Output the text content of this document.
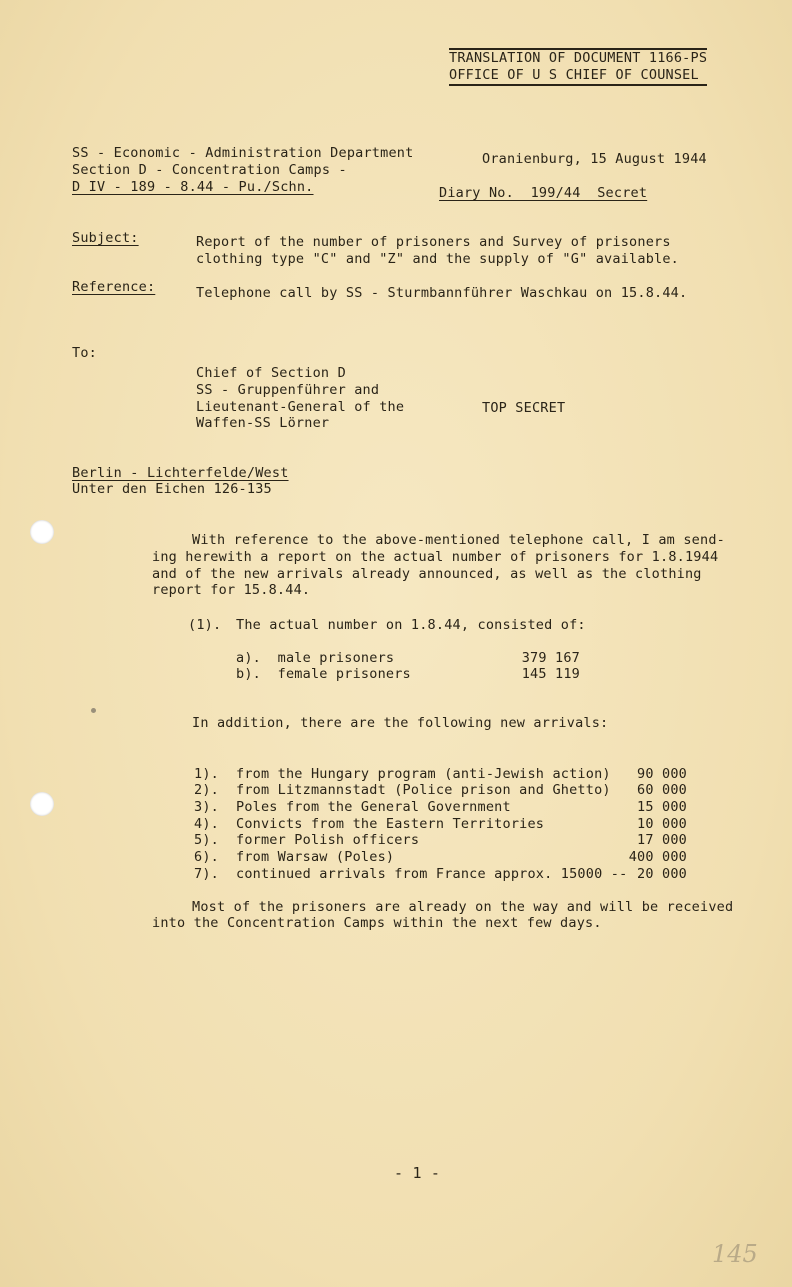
TRANSLATION OF DOCUMENT 1166-PS
OFFICE OF U S CHIEF OF COUNSEL
SS - Economic - Administration Department
Section D - Concentration Camps -
D IV - 189 - 8.44 - Pu./Schn.
Oranienburg, 15 August 1944
Diary No.  199/44  Secret
Subject:	Report of the number of prisoners and Survey of prisoners
clothing type "C" and "Z" and the supply of "G" available.
Reference:	Telephone call by SS - Sturmbannführer Waschkau on 15.8.44.
To:
Chief of Section D
SS - Gruppenführer and
Lieutenant-General of the
Waffen-SS Lörner
TOP SECRET
Berlin - Lichterfelde/West
Unter den Eichen 126-135
With reference to the above-mentioned telephone call, I am send-
ing herewith a report on the actual number of prisoners for 1.8.1944
and of the new arrivals already announced, as well as the clothing
report for 15.8.44.
(1). The actual number on 1.8.44, consisted of:
a).  male prisoners	379 167
b).  female prisoners	145 119
In addition, there are the following new arrivals:
1). from the Hungary program (anti-Jewish action)	90 000
2). from Litzmannstadt (Police prison and Ghetto)	60 000
3). Poles from the General Government	15 000
4). Convicts from the Eastern Territories	10 000
5). former Polish officers	17 000
6). from Warsaw (Poles)	400 000
7). continued arrivals from France approx. 15000 -- 20 000
Most of the prisoners are already on the way and will be received
into the Concentration Camps within the next few days.
- 1 -
145
